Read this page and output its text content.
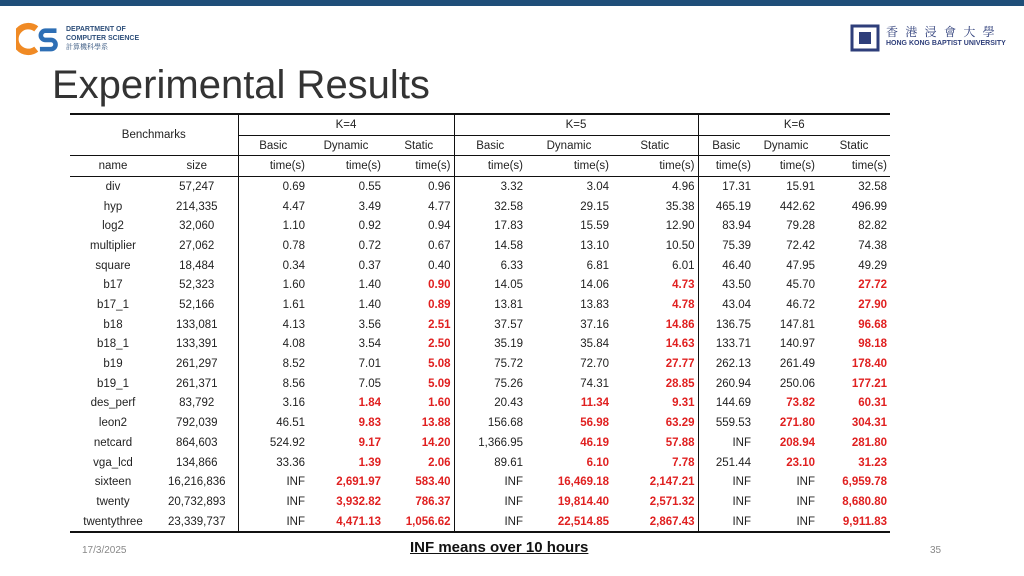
DEPARTMENT OF
COMPUTER SCIENCE
計算機科學系
香 港 浸 會 大 學
HONG KONG BAPTIST UNIVERSITY
Experimental Results
Benchmarks		K=4			K=5			K=6		
		Basic	Dynamic	Static	Basic	Dynamic	Static	Basic	Dynamic	Static
name	size	time(s)	time(s)	time(s)	time(s)	time(s)	time(s)	time(s)	time(s)	time(s)
div	57,247	0.69	0.55	0.96	3.32	3.04	4.96	17.31	15.91	32.58
hyp	214,335	4.47	3.49	4.77	32.58	29.15	35.38	465.19	442.62	496.99
log2	32,060	1.10	0.92	0.94	17.83	15.59	12.90	83.94	79.28	82.82
multiplier	27,062	0.78	0.72	0.67	14.58	13.10	10.50	75.39	72.42	74.38
square	18,484	0.34	0.37	0.40	6.33	6.81	6.01	46.40	47.95	49.29
b17	52,323	1.60	1.40	0.90	14.05	14.06	4.73	43.50	45.70	27.72
b17_1	52,166	1.61	1.40	0.89	13.81	13.83	4.78	43.04	46.72	27.90
b18	133,081	4.13	3.56	2.51	37.57	37.16	14.86	136.75	147.81	96.68
b18_1	133,391	4.08	3.54	2.50	35.19	35.84	14.63	133.71	140.97	98.18
b19	261,297	8.52	7.01	5.08	75.72	72.70	27.77	262.13	261.49	178.40
b19_1	261,371	8.56	7.05	5.09	75.26	74.31	28.85	260.94	250.06	177.21
des_perf	83,792	3.16	1.84	1.60	20.43	11.34	9.31	144.69	73.82	60.31
leon2	792,039	46.51	9.83	13.88	156.68	56.98	63.29	559.53	271.80	304.31
netcard	864,603	524.92	9.17	14.20	1,366.95	46.19	57.88	INF	208.94	281.80
vga_lcd	134,866	33.36	1.39	2.06	89.61	6.10	7.78	251.44	23.10	31.23
sixteen	16,216,836	INF	2,691.97	583.40	INF	16,469.18	2,147.21	INF	INF	6,959.78
twenty	20,732,893	INF	3,932.82	786.37	INF	19,814.40	2,571.32	INF	INF	8,680.80
twentythree	23,339,737	INF	4,471.13	1,056.62	INF	22,514.85	2,867.43	INF	INF	9,911.83
17/3/2025	INF means over 10 hours	35
